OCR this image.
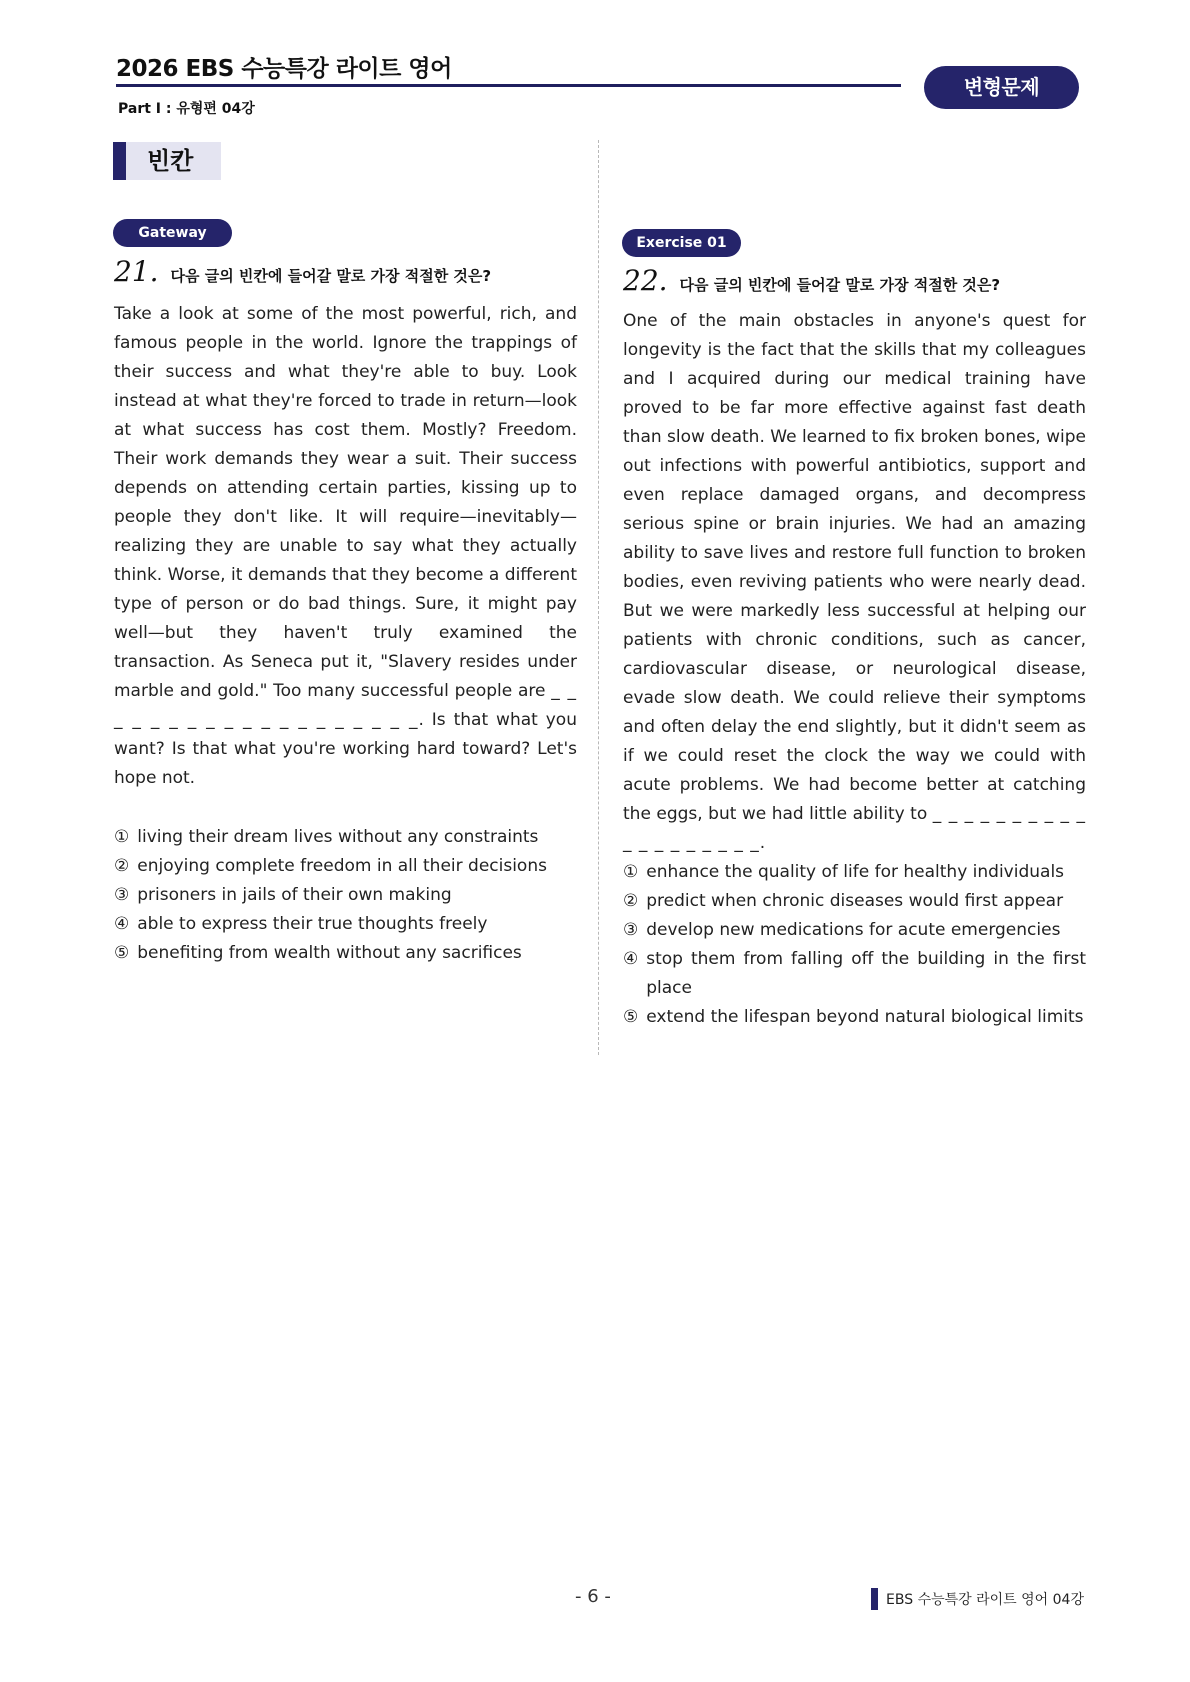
2026 EBS 수능특강 라이트 영어
Part Ⅰ : 유형편 04강
변형문제
빈칸
Gateway
21. 다음 글의 빈칸에 들어갈 말로 가장 적절한 것은?

Take a look at some of the most powerful, rich, and famous people in the world. Ignore the trappings of their success and what they're able to buy. Look instead at what they're forced to trade in return—look at what success has cost them. Mostly? Freedom. Their work demands they wear a suit. Their success depends on attending certain parties, kissing up to people they don't like. It will require—inevitably—realizing they are unable to say what they actually think. Worse, it demands that they become a different type of person or do bad things. Sure, it might pay well—but they haven't truly examined the transaction. As Seneca put it, "Slavery resides under marble and gold." Too many successful people are _ _ _ _ _ _ _ _ _ _ _ _ _ _ _ _ _ _ _. Is that what you want? Is that what you're working hard toward? Let's hope not.

① living their dream lives without any constraints
② enjoying complete freedom in all their decisions
③ prisoners in jails of their own making
④ able to express their true thoughts freely
⑤ benefiting from wealth without any sacrifices
Exercise 01
22. 다음 글의 빈칸에 들어갈 말로 가장 적절한 것은?

One of the main obstacles in anyone's quest for longevity is the fact that the skills that my colleagues and I acquired during our medical training have proved to be far more effective against fast death than slow death. We learned to fix broken bones, wipe out infections with powerful antibiotics, support and even replace damaged organs, and decompress serious spine or brain injuries. We had an amazing ability to save lives and restore full function to broken bodies, even reviving patients who were nearly dead. But we were markedly less successful at helping our patients with chronic conditions, such as cancer, cardiovascular disease, or neurological disease, evade slow death. We could relieve their symptoms and often delay the end slightly, but it didn't seem as if we could reset the clock the way we could with acute problems. We had become better at catching the eggs, but we had little ability to _ _ _ _ _ _ _ _ _ _ _ _ _ _ _ _ _ _ _.

① enhance the quality of life for healthy individuals
② predict when chronic diseases would first appear
③ develop new medications for acute emergencies
④ stop them from falling off the building in the first place
⑤ extend the lifespan beyond natural biological limits
- 6 -	EBS 수능특강 라이트 영어 04강
